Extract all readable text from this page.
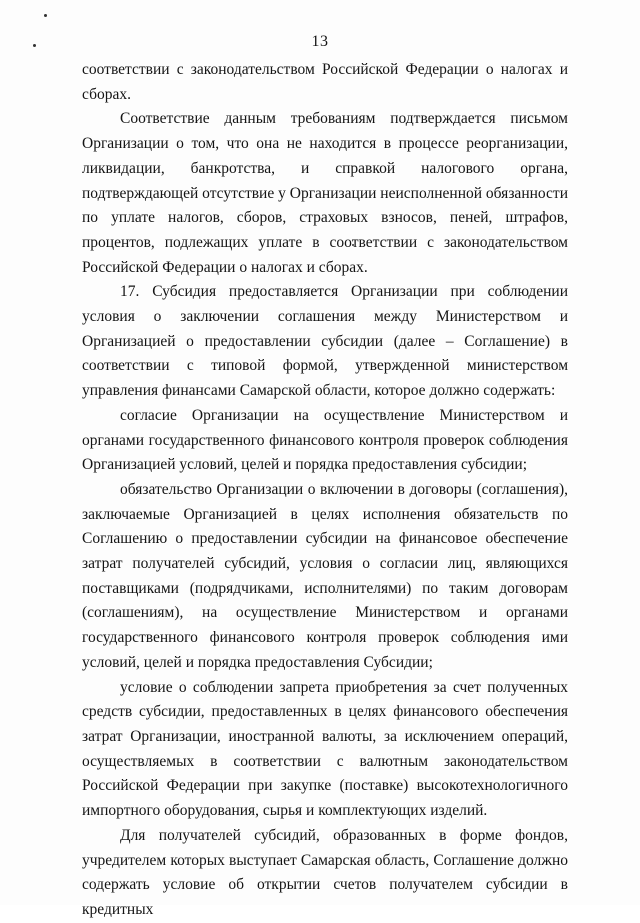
13

соответствии с законодательством Российской Федерации о налогах и сборах.

Соответствие данным требованиям подтверждается письмом Организации о том, что она не находится в процессе реорганизации, ликвидации, банкротства, и справкой налогового органа, подтверждающей отсутствие у Организации неисполненной обязанности по уплате налогов, сборов, страховых взносов, пеней, штрафов, процентов, подлежащих уплате в соответствии с законодательством Российской Федерации о налогах и сборах.

17. Субсидия предоставляется Организации при соблюдении условия о заключении соглашения между Министерством и Организацией о предоставлении субсидии (далее – Соглашение) в соответствии с типовой формой, утвержденной министерством управления финансами Самарской области, которое должно содержать:

согласие Организации на осуществление Министерством и органами государственного финансового контроля проверок соблюдения Организацией условий, целей и порядка предоставления субсидии;

обязательство Организации о включении в договоры (соглашения), заключаемые Организацией в целях исполнения обязательств по Соглашению о предоставлении субсидии на финансовое обеспечение затрат получателей субсидий, условия о согласии лиц, являющихся поставщиками (подрядчиками, исполнителями) по таким договорам (соглашениям), на осуществление Министерством и органами государственного финансового контроля проверок соблюдения ими условий, целей и порядка предоставления Субсидии;

условие о соблюдении запрета приобретения за счет полученных средств субсидии, предоставленных в целях финансового обеспечения затрат Организации, иностранной валюты, за исключением операций, осуществляемых в соответствии с валютным законодательством Российской Федерации при закупке (поставке) высокотехнологичного импортного оборудования, сырья и комплектующих изделий.

Для получателей субсидий, образованных в форме фондов, учредителем которых выступает Самарская область, Соглашение должно содержать условие об открытии счетов получателем субсидии в кредитных
